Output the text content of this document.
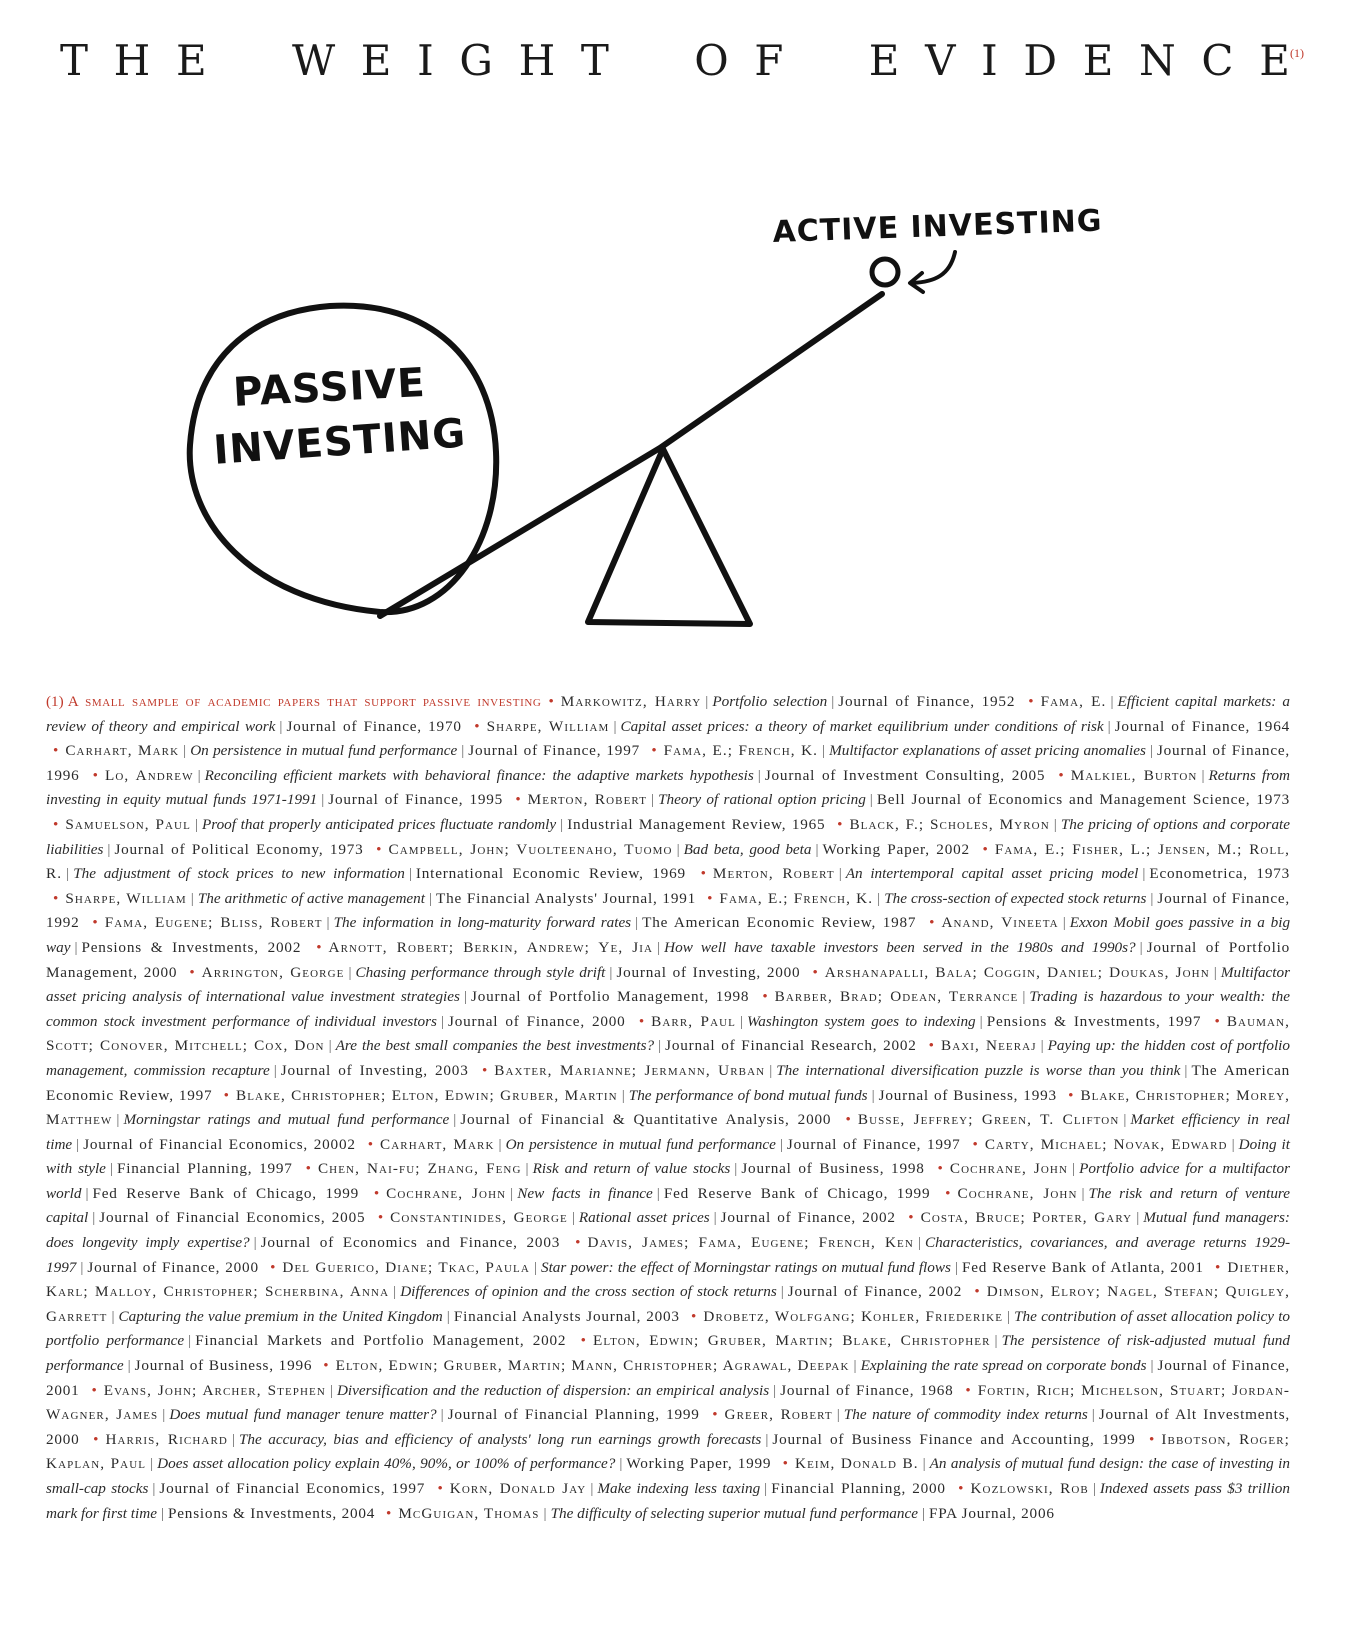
T H E W E I G H T O F E V I D E N C E (1)
ACTIVE INVESTING
PASSIVE
INVESTING
(1) A small sample of academic papers that support passive investing • Markowitz, Harry | Portfolio selection | Journal of Finance, 1952 • Fama, E. | Efficient capital markets: a review of theory and empirical work | Journal of Finance, 1970 • Sharpe, William | Capital asset prices: a theory of market equilibrium under conditions of risk | Journal of Finance, 1964 • Carhart, Mark | On persistence in mutual fund performance | Journal of Finance, 1997 • Fama, E.; French, K. | Multifactor explanations of asset pricing anomalies | Journal of Finance, 1996 • Lo, Andrew | Reconciling efficient markets with behavioral finance: the adaptive markets hypothesis | Journal of Investment Consulting, 2005 • Malkiel, Burton | Returns from investing in equity mutual funds 1971-1991 | Journal of Finance, 1995 • Merton, Robert | Theory of rational option pricing | Bell Journal of Economics and Management Science, 1973 • Samuelson, Paul | Proof that properly anticipated prices fluctuate randomly | Industrial Management Review, 1965 • Black, F.; Scholes, Myron | The pricing of options and corporate liabilities | Journal of Political Economy, 1973 • Campbell, John; Vuolteenaho, Tuomo | Bad beta, good beta | Working Paper, 2002 • Fama, E.; Fisher, L.; Jensen, M.; Roll, R. | The adjustment of stock prices to new information | International Economic Review, 1969 • Merton, Robert | An intertemporal capital asset pricing model | Econometrica, 1973 • Sharpe, William | The arithmetic of active management | The Financial Analysts' Journal, 1991 • Fama, E.; French, K. | The cross-section of expected stock returns | Journal of Finance, 1992 • Fama, Eugene; Bliss, Robert | The information in long-maturity forward rates | The American Economic Review, 1987 • Anand, Vineeta | Exxon Mobil goes passive in a big way | Pensions & Investments, 2002 • Arnott, Robert; Berkin, Andrew; Ye, Jia | How well have taxable investors been served in the 1980s and 1990s? | Journal of Portfolio Management, 2000 • Arrington, George | Chasing performance through style drift | Journal of Investing, 2000 • Arshanapalli, Bala; Coggin, Daniel; Doukas, John | Multifactor asset pricing analysis of international value investment strategies | Journal of Portfolio Management, 1998 • Barber, Brad; Odean, Terrance | Trading is hazardous to your wealth: the common stock investment performance of individual investors | Journal of Finance, 2000 • Barr, Paul | Washington system goes to indexing | Pensions & Investments, 1997 • Bauman, Scott; Conover, Mitchell; Cox, Don | Are the best small companies the best investments? | Journal of Financial Research, 2002 • Baxi, Neeraj | Paying up: the hidden cost of portfolio management, commission recapture | Journal of Investing, 2003 • Baxter, Marianne; Jermann, Urban | The international diversification puzzle is worse than you think | The American Economic Review, 1997 • Blake, Christopher; Elton, Edwin; Gruber, Martin | The performance of bond mutual funds | Journal of Business, 1993 • Blake, Christopher; Morey, Matthew | Morningstar ratings and mutual fund performance | Journal of Financial & Quantitative Analysis, 2000 • Busse, Jeffrey; Green, T. Clifton | Market efficiency in real time | Journal of Financial Economics, 20002 • Carhart, Mark | On persistence in mutual fund performance | Journal of Finance, 1997 • Carty, Michael; Novak, Edward | Doing it with style | Financial Planning, 1997 • Chen, Nai-fu; Zhang, Feng | Risk and return of value stocks | Journal of Business, 1998 • Cochrane, John | Portfolio advice for a multifactor world | Fed Reserve Bank of Chicago, 1999 • Cochrane, John | New facts in finance | Fed Reserve Bank of Chicago, 1999 • Cochrane, John | The risk and return of venture capital | Journal of Financial Economics, 2005 • Constantinides, George | Rational asset prices | Journal of Finance, 2002 • Costa, Bruce; Porter, Gary | Mutual fund managers: does longevity imply expertise? | Journal of Economics and Finance, 2003 • Davis, James; Fama, Eugene; French, Ken | Characteristics, covariances, and average returns 1929-1997 | Journal of Finance, 2000 • Del Guerico, Diane; Tkac, Paula | Star power: the effect of Morningstar ratings on mutual fund flows | Fed Reserve Bank of Atlanta, 2001 • Diether, Karl; Malloy, Christopher; Scherbina, Anna | Differences of opinion and the cross section of stock returns | Journal of Finance, 2002 • Dimson, Elroy; Nagel, Stefan; Quigley, Garrett | Capturing the value premium in the United Kingdom | Financial Analysts Journal, 2003 • Drobetz, Wolfgang; Kohler, Friederike | The contribution of asset allocation policy to portfolio performance | Financial Markets and Portfolio Management, 2002 • Elton, Edwin; Gruber, Martin; Blake, Christopher | The persistence of risk-adjusted mutual fund performance | Journal of Business, 1996 • Elton, Edwin; Gruber, Martin; Mann, Christopher; Agrawal, Deepak | Explaining the rate spread on corporate bonds | Journal of Finance, 2001 • Evans, John; Archer, Stephen | Diversification and the reduction of dispersion: an empirical analysis | Journal of Finance, 1968 • Fortin, Rich; Michelson, Stuart; Jordan-Wagner, James | Does mutual fund manager tenure matter? | Journal of Financial Planning, 1999 • Greer, Robert | The nature of commodity index returns | Journal of Alt Investments, 2000 • Harris, Richard | The accuracy, bias and efficiency of analysts' long run earnings growth forecasts | Journal of Business Finance and Accounting, 1999 • Ibbotson, Roger; Kaplan, Paul | Does asset allocation policy explain 40%, 90%, or 100% of performance? | Working Paper, 1999 • Keim, Donald B. | An analysis of mutual fund design: the case of investing in small-cap stocks | Journal of Financial Economics, 1997 • Korn, Donald Jay | Make indexing less taxing | Financial Planning, 2000 • Kozlowski, Rob | Indexed assets pass $3 trillion mark for first time | Pensions & Investments, 2004 • McGuigan, Thomas | The difficulty of selecting superior mutual fund performance | FPA Journal, 2006
